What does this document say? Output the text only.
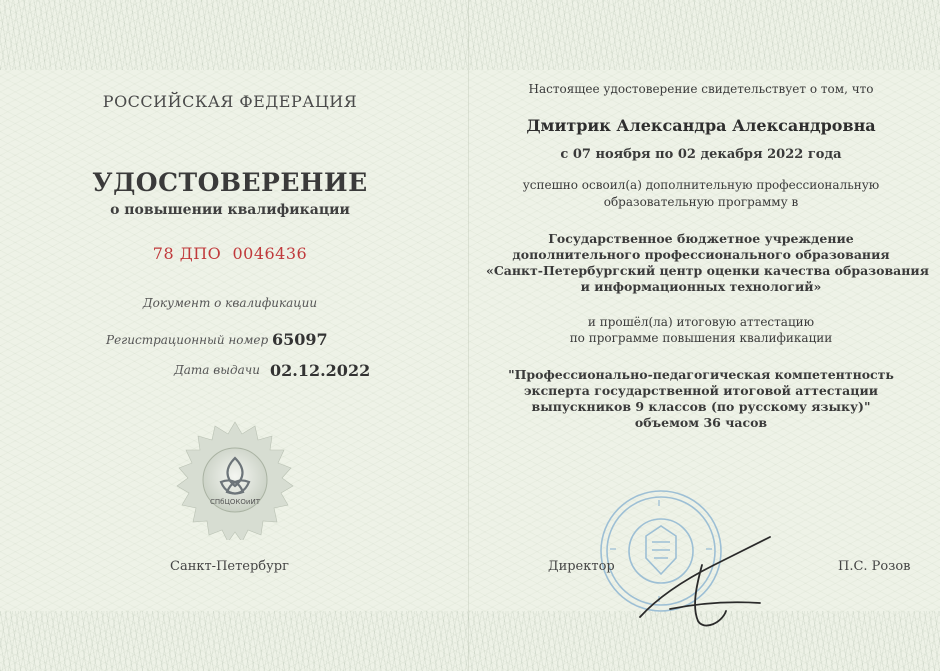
РОССИЙСКАЯ ФЕДЕРАЦИЯ
УДОСТОВЕРЕНИЕ
о повышении квалификации
78 ДПО  0046436
Документ о квалификации
Регистрационный номер 65097
Дата выдачи 02.12.2022
СПбЦОКОиИТ
Санкт-Петербург
Настоящее удостоверение свидетельствует о том, что
Дмитрик Александра Александровна
с 07 ноября по 02 декабря 2022 года
успешно освоил(а) дополнительную профессиональную
образовательную программу в
Государственное бюджетное учреждение
дополнительного профессионального образования
«Санкт-Петербургский центр оценки качества образования
и информационных технологий»
и прошёл(ла) итоговую аттестацию
по программе повышения квалификации
"Профессионально-педагогическая компетентность
эксперта государственной итоговой аттестации
выпускников 9 классов (по русскому языку)"
объемом 36 часов
Директор	П.С. Розов
